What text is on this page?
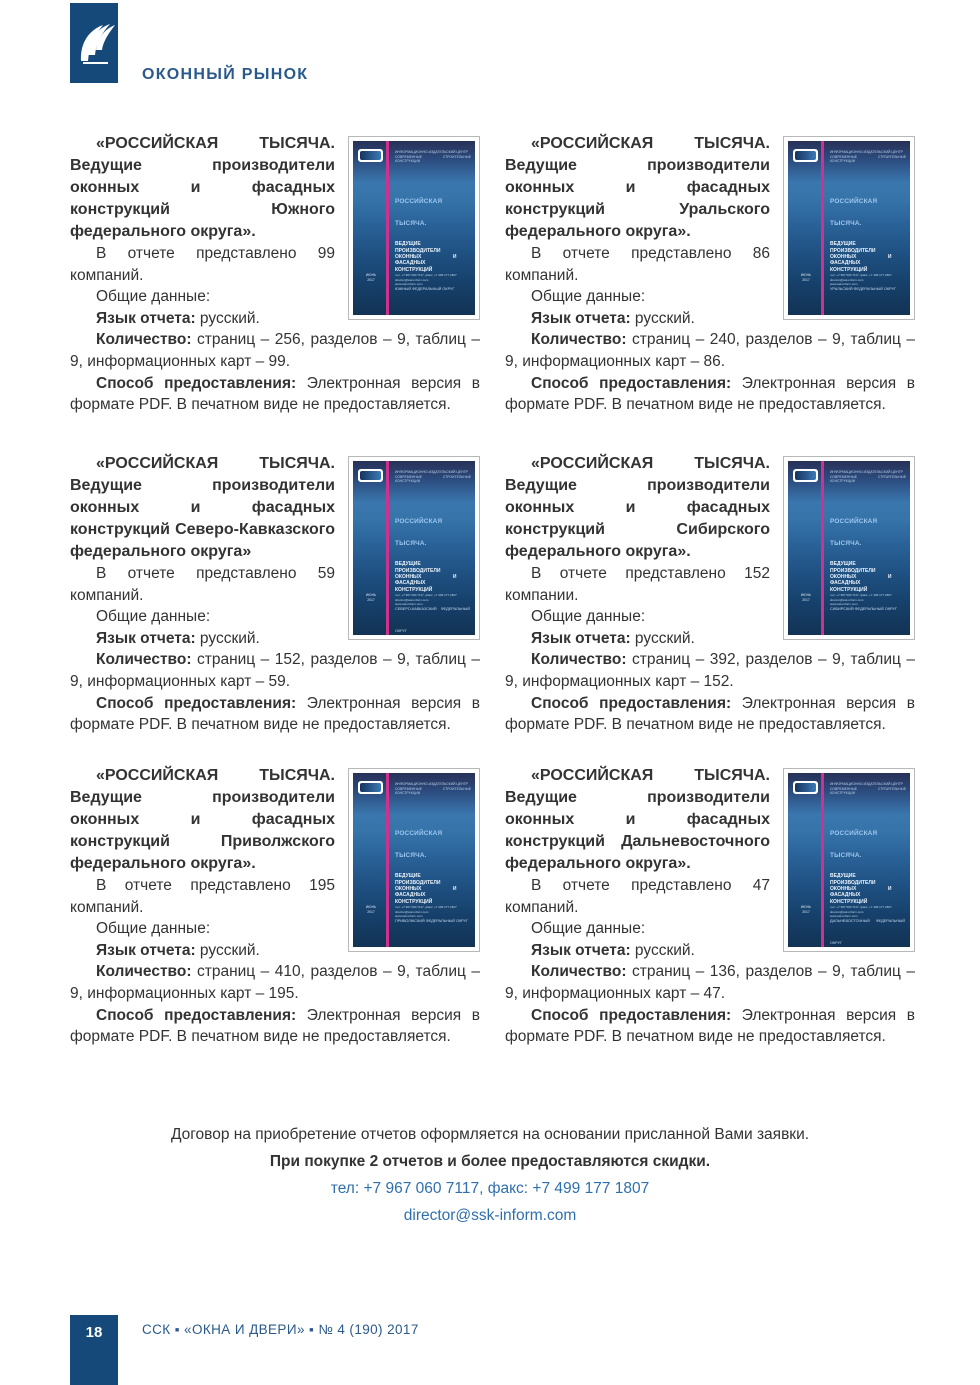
ОКОННЫЙ РЫНОК
ИНФОРМАЦИОННО-ИЗДАТЕЛЬСКИЙ ЦЕНТР
СОВРЕМЕННЫЕ СТРОИТЕЛЬНЫЕ КОНСТРУКЦИИ
РОССИЙСКАЯ ТЫСЯЧА.
ВЕДУЩИЕ ПРОИЗВОДИТЕЛИ ОКОННЫХ И ФАСАДНЫХ КОНСТРУКЦИЙ
ЮЖНЫЙ ФЕДЕРАЛЬНЫЙ ОКРУГ
ИЮНЬ
2017
тел: +7 967 060 7117, факс: +7 499 177 1807
director@ssk-inform.com
www.ssk-inform.com

«РОССИЙСКАЯ ТЫСЯЧА. Ведущие производители оконных и фасадных конструкций Южного федерального округа».

В отчете представлено 99 компаний.

Общие данные:

Язык отчета: русский.

Количество: страниц – 256, разделов – 9, таблиц – 9, информационных карт – 99.

Способ предоставления: Электронная версия в формате PDF. В печатном виде не предоставляется.

ИНФОРМАЦИОННО-ИЗДАТЕЛЬСКИЙ ЦЕНТР
СОВРЕМЕННЫЕ СТРОИТЕЛЬНЫЕ КОНСТРУКЦИИ
РОССИЙСКАЯ ТЫСЯЧА.
ВЕДУЩИЕ ПРОИЗВОДИТЕЛИ ОКОННЫХ И ФАСАДНЫХ КОНСТРУКЦИЙ
УРАЛЬСКИЙ ФЕДЕРАЛЬНЫЙ ОКРУГ
ИЮНЬ
2017
тел: +7 967 060 7117, факс: +7 499 177 1807
director@ssk-inform.com
www.ssk-inform.com

«РОССИЙСКАЯ ТЫСЯЧА. Ведущие производители оконных и фасадных конструкций Уральского федерального округа».

В отчете представлено 86 компаний.

Общие данные:

Язык отчета: русский.

Количество: страниц – 240, разделов – 9, таблиц – 9, информационных карт – 86.

Способ предоставления: Электронная версия в формате PDF. В печатном виде не предоставляется.

ИНФОРМАЦИОННО-ИЗДАТЕЛЬСКИЙ ЦЕНТР
СОВРЕМЕННЫЕ СТРОИТЕЛЬНЫЕ КОНСТРУКЦИИ
РОССИЙСКАЯ ТЫСЯЧА.
ВЕДУЩИЕ ПРОИЗВОДИТЕЛИ ОКОННЫХ И ФАСАДНЫХ КОНСТРУКЦИЙ
СЕВЕРО-КАВКАЗСКИЙ ФЕДЕРАЛЬНЫЙ ОКРУГ
ИЮНЬ
2017
тел: +7 967 060 7117, факс: +7 499 177 1807
director@ssk-inform.com
www.ssk-inform.com

«РОССИЙСКАЯ ТЫСЯЧА. Ведущие производители оконных и фасадных конструкций Северо-Кавказского федерального округа»

В отчете представлено 59 компаний.

Общие данные:

Язык отчета: русский.

Количество: страниц – 152, разделов – 9, таблиц – 9, информационных карт – 59.

Способ предоставления: Электронная версия в формате PDF. В печатном виде не предоставляется.

ИНФОРМАЦИОННО-ИЗДАТЕЛЬСКИЙ ЦЕНТР
СОВРЕМЕННЫЕ СТРОИТЕЛЬНЫЕ КОНСТРУКЦИИ
РОССИЙСКАЯ ТЫСЯЧА.
ВЕДУЩИЕ ПРОИЗВОДИТЕЛИ ОКОННЫХ И ФАСАДНЫХ КОНСТРУКЦИЙ
СИБИРСКИЙ ФЕДЕРАЛЬНЫЙ ОКРУГ
ИЮНЬ
2017
тел: +7 967 060 7117, факс: +7 499 177 1807
director@ssk-inform.com
www.ssk-inform.com

«РОССИЙСКАЯ ТЫСЯЧА. Ведущие производители оконных и фасадных конструкций Сибирского федерального округа».

В отчете представлено 152 компании.

Общие данные:

Язык отчета: русский.

Количество: страниц – 392, разделов – 9, таблиц – 9, информационных карт – 152.

Способ предоставления: Электронная версия в формате PDF. В печатном виде не предоставляется.

ИНФОРМАЦИОННО-ИЗДАТЕЛЬСКИЙ ЦЕНТР
СОВРЕМЕННЫЕ СТРОИТЕЛЬНЫЕ КОНСТРУКЦИИ
РОССИЙСКАЯ ТЫСЯЧА.
ВЕДУЩИЕ ПРОИЗВОДИТЕЛИ ОКОННЫХ И ФАСАДНЫХ КОНСТРУКЦИЙ
ПРИВОЛЖСКИЙ ФЕДЕРАЛЬНЫЙ ОКРУГ
ИЮНЬ
2017
тел: +7 967 060 7117, факс: +7 499 177 1807
director@ssk-inform.com
www.ssk-inform.com

«РОССИЙСКАЯ ТЫСЯЧА. Ведущие производители оконных и фасадных конструкций Приволжского федерального округа».

В отчете представлено 195 компаний.

Общие данные:

Язык отчета: русский.

Количество: страниц – 410, разделов – 9, таблиц – 9, информационных карт – 195.

Способ предоставления: Электронная версия в формате PDF. В печатном виде не предоставляется.

ИНФОРМАЦИОННО-ИЗДАТЕЛЬСКИЙ ЦЕНТР
СОВРЕМЕННЫЕ СТРОИТЕЛЬНЫЕ КОНСТРУКЦИИ
РОССИЙСКАЯ ТЫСЯЧА.
ВЕДУЩИЕ ПРОИЗВОДИТЕЛИ ОКОННЫХ И ФАСАДНЫХ КОНСТРУКЦИЙ
ДАЛЬНЕВОСТОЧНЫЙ ФЕДЕРАЛЬНЫЙ ОКРУГ
ИЮНЬ
2017
тел: +7 967 060 7117, факс: +7 499 177 1807
director@ssk-inform.com
www.ssk-inform.com

«РОССИЙСКАЯ ТЫСЯЧА. Ведущие производители оконных и фасадных конструкций Дальневосточного федерального округа».

В отчете представлено 47 компаний.

Общие данные:

Язык отчета: русский.

Количество: страниц – 136, разделов – 9, таблиц – 9, информационных карт – 47.

Способ предоставления: Электронная версия в формате PDF. В печатном виде не предоставляется.

Договор на приобретение отчетов оформляется на основании присланной Вами заявки.
При покупке 2 отчетов и более предоставляются скидки.
тел: +7 967 060 7117, факс: +7 499 177 1807
director@ssk-inform.com
18	ССК ▪ «ОКНА И ДВЕРИ» ▪ № 4 (190) 2017
